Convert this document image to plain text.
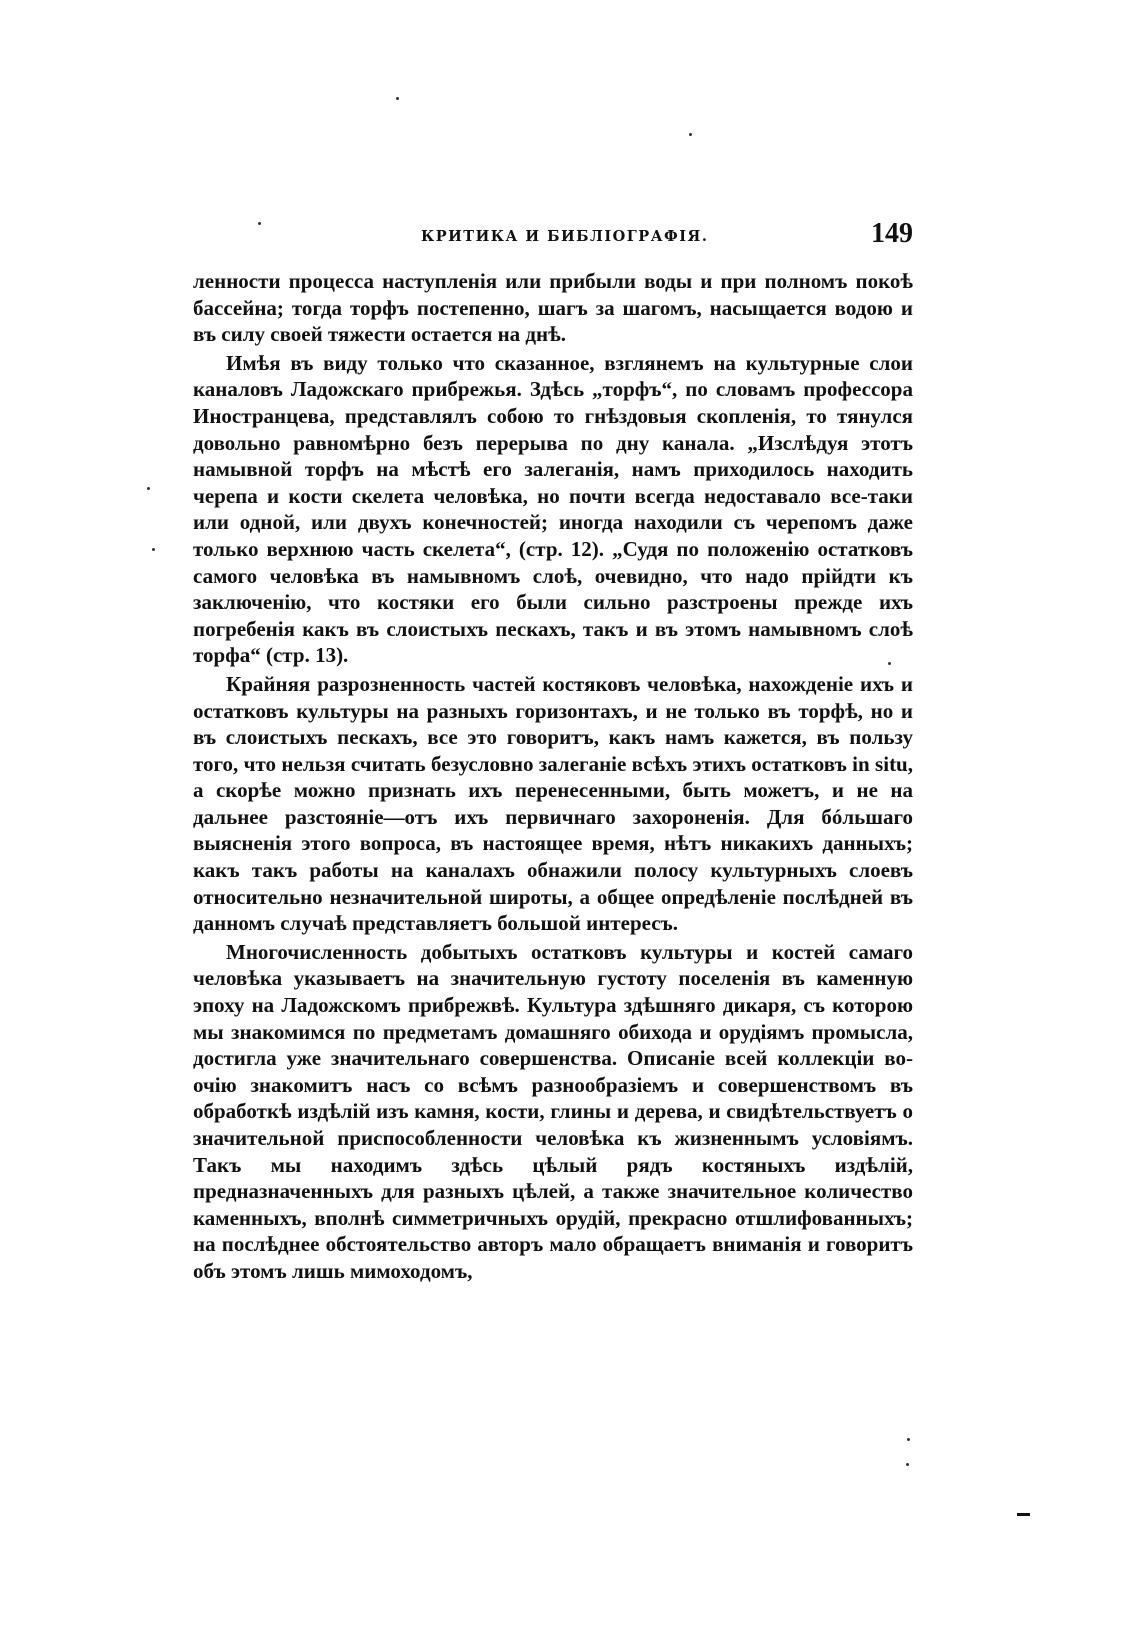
КРИТИКА И БИБЛІОГРАФІЯ.	149

ленности процесса наступленія или прибыли воды и при полномъ покоѣ бассейна; тогда торфъ постепенно, шагъ за шагомъ, насыщается водою и въ силу своей тяжести остается на днѣ.

Имѣя въ виду только что сказанное, взглянемъ на культурные слои каналовъ Ладожскаго прибрежья. Здѣсь „торфъ“, по словамъ профессора Иностранцева, представлялъ собою то гнѣздовыя скопленія, то тянулся довольно равномѣрно безъ перерыва по дну канала. „Изслѣдуя этотъ намывной торфъ на мѣстѣ его залеганія, намъ приходилось находить черепа и кости скелета человѣка, но почти всегда недоставало все-таки или одной, или двухъ конечностей; иногда находили съ черепомъ даже только верхнюю часть скелета“, (стр. 12). „Судя по положенію остатковъ самого человѣка въ намывномъ слоѣ, очевидно, что надо прійдти къ заключенію, что костяки его были сильно разстроены прежде ихъ погребенія какъ въ слоистыхъ пескахъ, такъ и въ этомъ намывномъ слоѣ торфа“ (стр. 13).

Крайняя разрозненность частей костяковъ человѣка, нахожденіе ихъ и остатковъ культуры на разныхъ горизонтахъ, и не только въ торфѣ, но и въ слоистыхъ пескахъ, все это говоритъ, какъ намъ кажется, въ пользу того, что нельзя считать безусловно залеганіе всѣхъ этихъ остатковъ in situ, а скорѣе можно признать ихъ перенесенными, быть можетъ, и не на дальнее разстояніе—отъ ихъ первичнаго захороненія. Для бóльшаго выясненія этого вопроса, въ настоящее время, нѣтъ никакихъ данныхъ; какъ такъ работы на каналахъ обнажили полосу культурныхъ слоевъ относительно незначительной широты, а общее опредѣленіе послѣдней въ данномъ случаѣ представляетъ большой интересъ.

Многочисленность добытыхъ остатковъ культуры и костей самаго человѣка указываетъ на значительную густоту поселенія въ каменную эпоху на Ладожскомъ прибрежвѣ. Культура здѣшняго дикаря, съ которою мы знакомимся по предметамъ домашняго обихода и орудіямъ промысла, достигла уже значительнаго совершенства. Описаніе всей коллекціи во-очію знакомитъ насъ со всѣмъ разнообразіемъ и совершенствомъ въ обработкѣ издѣлій изъ камня, кости, глины и дерева, и свидѣтельствуетъ о значительной приспособленности человѣка къ жизненнымъ условіямъ. Такъ мы находимъ здѣсь цѣлый рядъ костяныхъ издѣлій, предназначенныхъ для разныхъ цѣлей, а также значительное количество каменныхъ, вполнѣ симметричныхъ орудій, прекрасно отшлифованныхъ; на послѣднее обстоятельство авторъ мало обращаетъ вниманія и говоритъ объ этомъ лишь мимоходомъ,
